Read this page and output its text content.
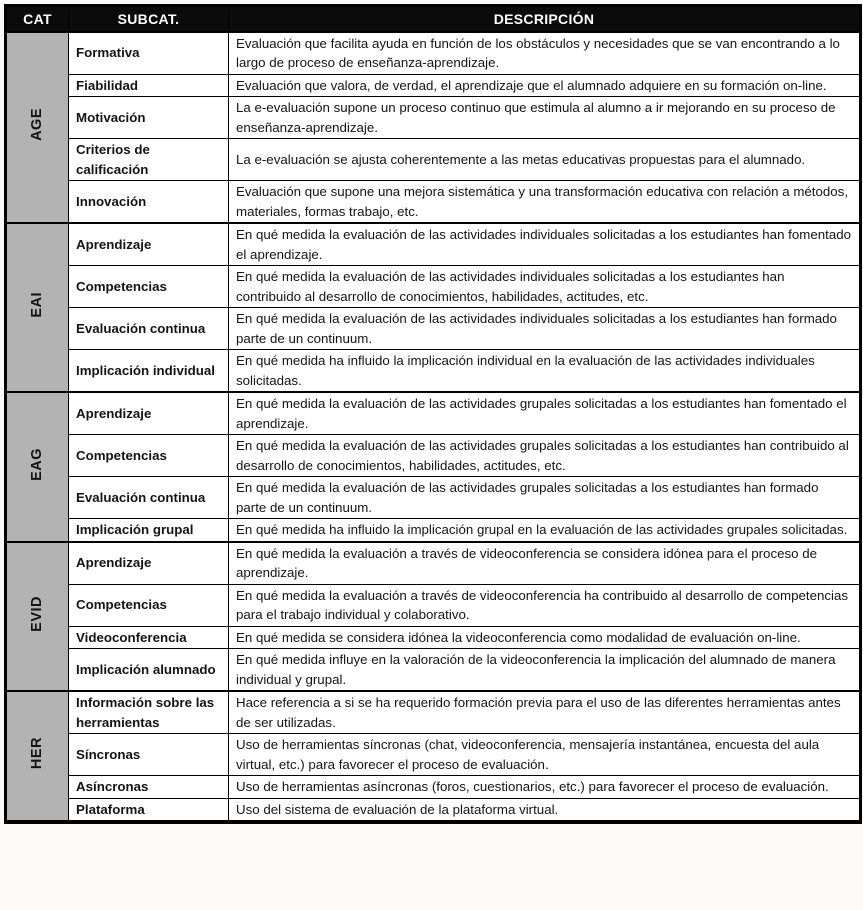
CAT	SUBCAT.	DESCRIPCIÓN
AGE	Formativa	Evaluación que facilita ayuda en función de los obstáculos y necesidades que se van encontrando a lo largo de proceso de enseñanza-aprendizaje.
	Fiabilidad	Evaluación que valora, de verdad, el aprendizaje que el alumnado adquiere en su formación on-line.
	Motivación	La e-evaluación supone un proceso continuo que estimula al alumno a ir mejorando en su proceso de enseñanza-aprendizaje.
	Criterios de calificación	La e-evaluación se ajusta coherentemente a las metas educativas propuestas para el alumnado.
	Innovación	Evaluación que supone una mejora sistemática y una transformación educativa con relación a métodos, materiales, formas trabajo, etc.
EAI	Aprendizaje	En qué medida la evaluación de las actividades individuales solicitadas a los estudiantes han fomentado el aprendizaje.
	Competencias	En qué medida la evaluación de las actividades individuales solicitadas a los estudiantes han contribuido al desarrollo de conocimientos, habilidades, actitudes, etc.
	Evaluación continua	En qué medida la evaluación de las actividades individuales solicitadas a los estudiantes han formado parte de un continuum.
	Implicación individual	En qué medida ha influido la implicación individual en la evaluación de las actividades individuales solicitadas.
EAG	Aprendizaje	En qué medida la evaluación de las actividades grupales solicitadas a los estudiantes han fomentado el aprendizaje.
	Competencias	En qué medida la evaluación de las actividades grupales solicitadas a los estudiantes han contribuido al desarrollo de conocimientos, habilidades, actitudes, etc.
	Evaluación continua	En qué medida la evaluación de las actividades grupales solicitadas a los estudiantes han formado parte de un continuum.
	Implicación grupal	En qué medida ha influido la implicación grupal en la evaluación de las actividades grupales solicitadas.
EVID	Aprendizaje	En qué medida la evaluación a través de videoconferencia se considera idónea para el proceso de aprendizaje.
	Competencias	En qué medida la evaluación a través de videoconferencia ha contribuido al desarrollo de competencias para el trabajo individual y colaborativo.
	Videoconferencia	En qué medida se considera idónea la videoconferencia como modalidad de evaluación on-line.
	Implicación alumnado	En qué medida influye en la valoración de la videoconferencia la implicación del alumnado de manera individual y grupal.
HER	Información sobre las herramientas	Hace referencia a si se ha requerido formación previa para el uso de las diferentes herramientas antes de ser utilizadas.
	Síncronas	Uso de herramientas síncronas (chat, videoconferencia, mensajería instantánea, encuesta del aula virtual, etc.) para favorecer el proceso de evaluación.
	Asíncronas	Uso de herramientas asíncronas (foros, cuestionarios, etc.) para favorecer el proceso de evaluación.
	Plataforma	Uso del sistema de evaluación de la plataforma virtual.
